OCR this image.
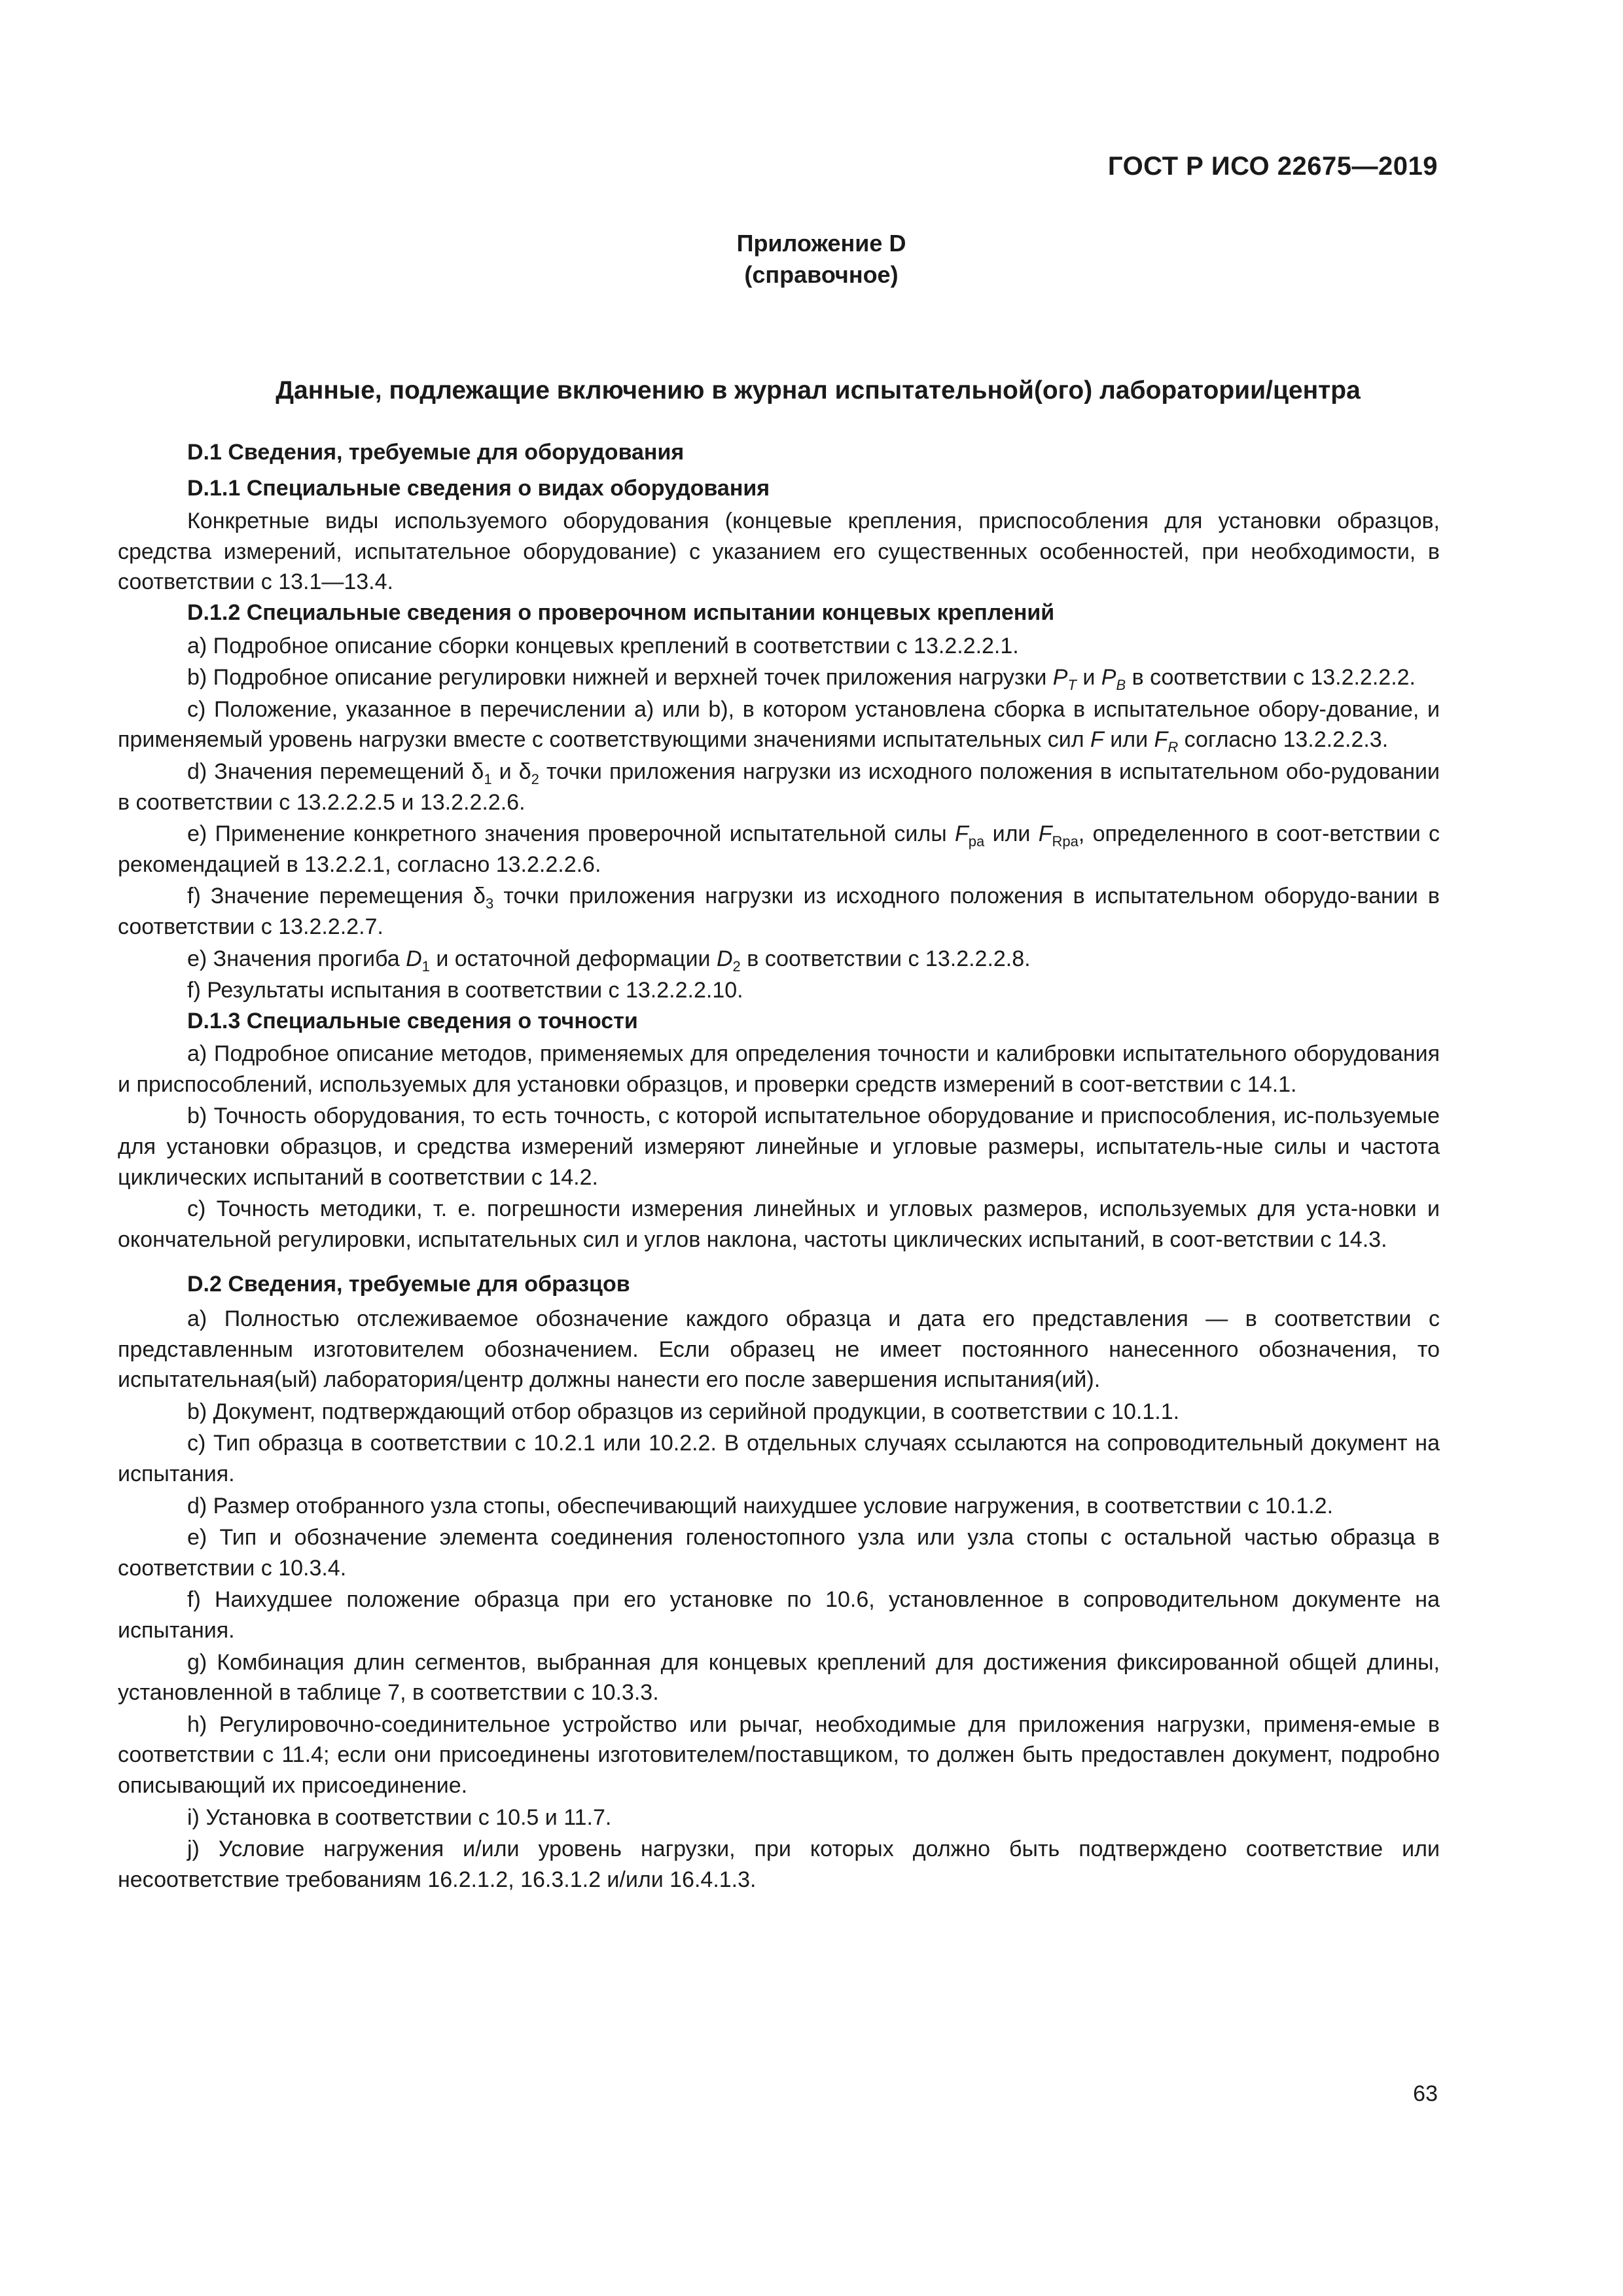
ГОСТ Р ИСО 22675—2019
Приложение D
(справочное)
Данные, подлежащие включению в журнал испытательной(ого) лаборатории/центра

D.1 Сведения, требуемые для оборудования

D.1.1 Специальные сведения о видах оборудования

Конкретные виды используемого оборудования (концевые крепления, приспособления для установки образцов, средства измерений, испытательное оборудование) с указанием его существенных особенностей, при необходимости, в соответствии с 13.1—13.4.

D.1.2 Специальные сведения о проверочном испытании концевых креплений

а) Подробное описание сборки концевых креплений в соответствии с 13.2.2.2.1.

b) Подробное описание регулировки нижней и верхней точек приложения нагрузки $P_T$ и $P_B$ в соответствии с 13.2.2.2.2.

с) Положение, указанное в перечислении а) или b), в котором установлена сборка в испытательное обору-дование, и применяемый уровень нагрузки вместе с соответствующими значениями испытательных сил F или $F_R$ согласно 13.2.2.2.3.

d) Значения перемещений $\delta_1$ и $\delta_2$ точки приложения нагрузки из исходного положения в испытательном обо-рудовании в соответствии с 13.2.2.2.5 и 13.2.2.2.6.

е) Применение конкретного значения проверочной испытательной силы $F_{pa}$ или $F_{Rpa}$, определенного в соот-ветствии с рекомендацией в 13.2.2.1, согласно 13.2.2.2.6.

f) Значение перемещения $\delta_3$ точки приложения нагрузки из исходного положения в испытательном оборудо-вании в соответствии с 13.2.2.2.7.

е) Значения прогиба $D_1$ и остаточной деформации $D_2$ в соответствии с 13.2.2.2.8.

f) Результаты испытания в соответствии с 13.2.2.2.10.

D.1.3 Специальные сведения о точности

а) Подробное описание методов, применяемых для определения точности и калибровки испытательного оборудования и приспособлений, используемых для установки образцов, и проверки средств измерений в соот-ветствии с 14.1.

b) Точность оборудования, то есть точность, с которой испытательное оборудование и приспособления, ис-пользуемые для установки образцов, и средства измерений измеряют линейные и угловые размеры, испытатель-ные силы и частота циклических испытаний в соответствии с 14.2.

с) Точность методики, т. е. погрешности измерения линейных и угловых размеров, используемых для уста-новки и окончательной регулировки, испытательных сил и углов наклона, частоты циклических испытаний, в соот-ветствии с 14.3.

D.2 Сведения, требуемые для образцов

а) Полностью отслеживаемое обозначение каждого образца и дата его представления — в соответствии с представленным изготовителем обозначением. Если образец не имеет постоянного нанесенного обозначения, то испытательная(ый) лаборатория/центр должны нанести его после завершения испытания(ий).

b) Документ, подтверждающий отбор образцов из серийной продукции, в соответствии с 10.1.1.

с) Тип образца в соответствии с 10.2.1 или 10.2.2. В отдельных случаях ссылаются на сопроводительный документ на испытания.

d) Размер отобранного узла стопы, обеспечивающий наихудшее условие нагружения, в соответствии с 10.1.2.

е) Тип и обозначение элемента соединения голеностопного узла или узла стопы с остальной частью образца в соответствии с 10.3.4.

f) Наихудшее положение образца при его установке по 10.6, установленное в сопроводительном документе на испытания.

g) Комбинация длин сегментов, выбранная для концевых креплений для достижения фиксированной общей длины, установленной в таблице 7, в соответствии с 10.3.3.

h) Регулировочно-соединительное устройство или рычаг, необходимые для приложения нагрузки, применя-емые в соответствии с 11.4; если они присоединены изготовителем/поставщиком, то должен быть предоставлен документ, подробно описывающий их присоединение.

i) Установка в соответствии с 10.5 и 11.7.

j) Условие нагружения и/или уровень нагрузки, при которых должно быть подтверждено соответствие или несоответствие требованиям 16.2.1.2, 16.3.1.2 и/или 16.4.1.3.

63
